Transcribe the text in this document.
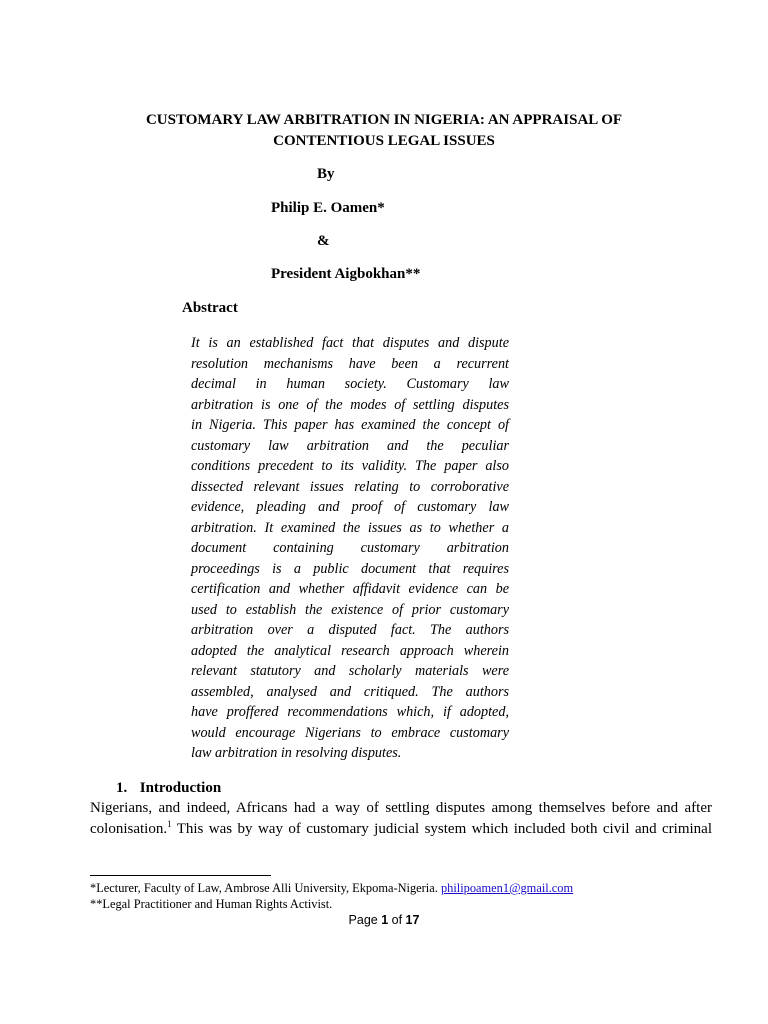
CUSTOMARY LAW ARBITRATION IN NIGERIA: AN APPRAISAL OF
CONTENTIOUS LEGAL ISSUES
By
Philip E. Oamen*
&
President Aigbokhan**
Abstract
It is an established fact that disputes and dispute
resolution mechanisms have been a recurrent
decimal in human society. Customary law
arbitration is one of the modes of settling disputes
in Nigeria. This paper has examined the concept of
customary law arbitration and the peculiar
conditions precedent to its validity. The paper also
dissected relevant issues relating to corroborative
evidence, pleading and proof of customary law
arbitration. It examined the issues as to whether a
document containing customary arbitration
proceedings is a public document that requires
certification and whether affidavit evidence can be
used to establish the existence of prior customary
arbitration over a disputed fact. The authors
adopted the analytical research approach wherein
relevant statutory and scholarly materials were
assembled, analysed and critiqued. The authors
have proffered recommendations which, if adopted,
would encourage Nigerians to embrace customary
law arbitration in resolving disputes.
1. Introduction
Nigerians, and indeed, Africans had a way of settling disputes among themselves before and after
colonisation.$^1$ This was by way of customary judicial system which included both civil and criminal
*Lecturer, Faculty of Law, Ambrose Alli University, Ekpoma-Nigeria. philipoamen1@gmail.com
**Legal Practitioner and Human Rights Activist.
Page 1 of 17
